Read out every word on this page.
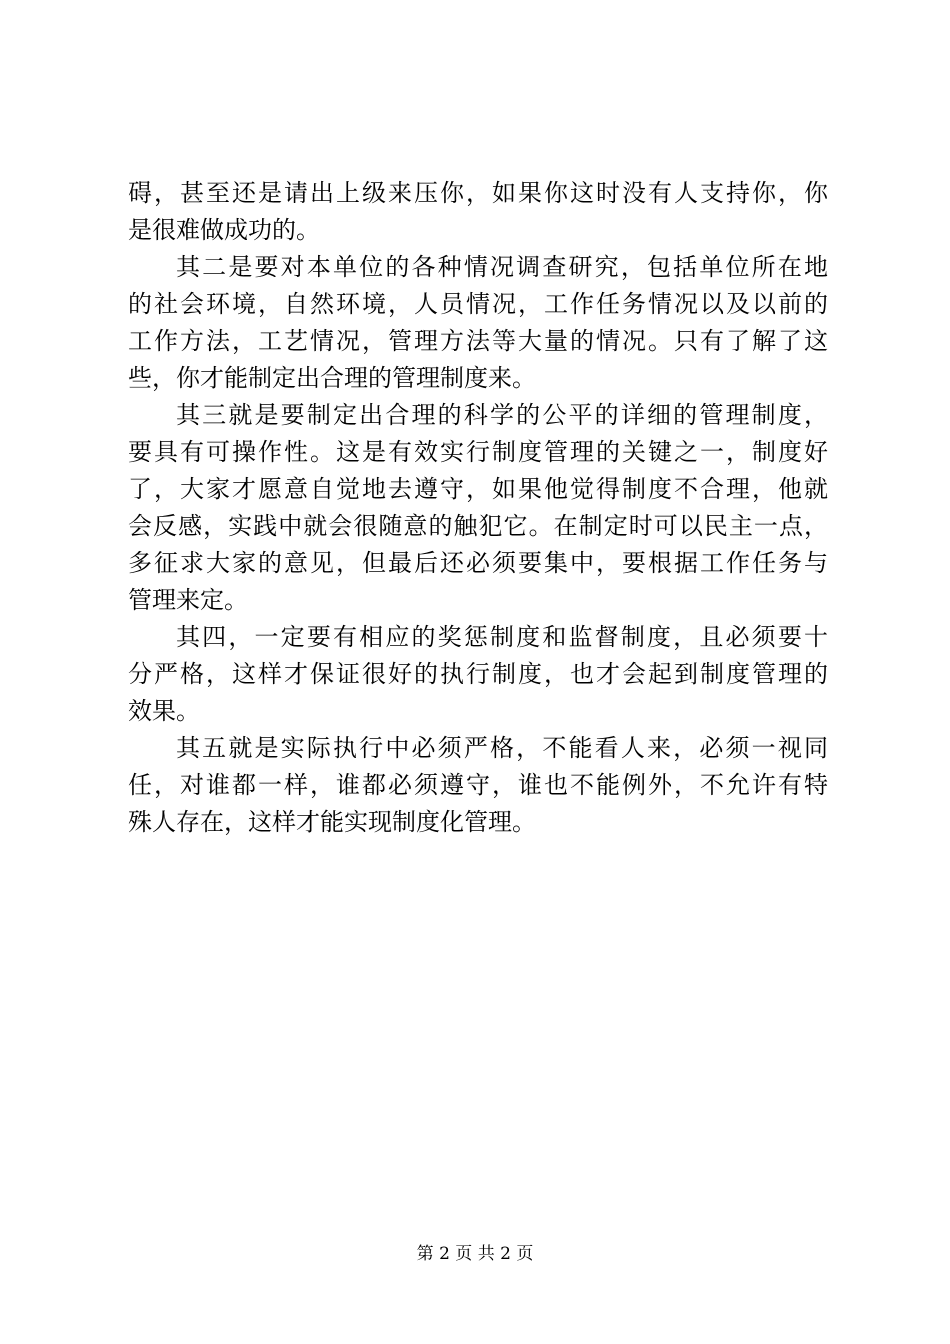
碍，甚至还是请出上级来压你，如果你这时没有人支持你，你
是很难做成功的。
其二是要对本单位的各种情况调查研究，包括单位所在地
的社会环境，自然环境，人员情况，工作任务情况以及以前的
工作方法，工艺情况，管理方法等大量的情况。只有了解了这
些，你才能制定出合理的管理制度来。
其三就是要制定出合理的科学的公平的详细的管理制度，
要具有可操作性。这是有效实行制度管理的关键之一，制度好
了，大家才愿意自觉地去遵守，如果他觉得制度不合理，他就
会反感，实践中就会很随意的触犯它。在制定时可以民主一点，
多征求大家的意见，但最后还必须要集中，要根据工作任务与
管理来定。
其四，一定要有相应的奖惩制度和监督制度，且必须要十
分严格，这样才保证很好的执行制度，也才会起到制度管理的
效果。
其五就是实际执行中必须严格，不能看人来，必须一视同
任，对谁都一样，谁都必须遵守，谁也不能例外，不允许有特
殊人存在，这样才能实现制度化管理。
第 2 页 共 2 页
